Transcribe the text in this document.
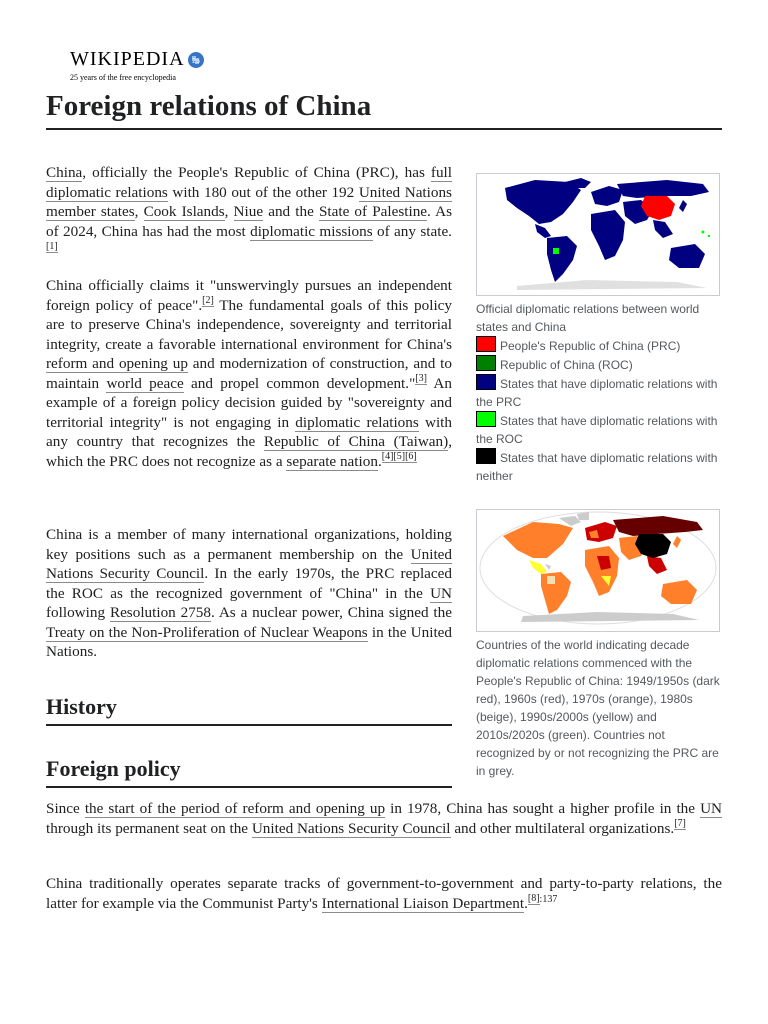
WIKIPEDIA 25
25 years of the free encyclopedia
Foreign relations of China

China, officially the People's Republic of China (PRC), has full diplomatic relations with 180 out of the other 192 United Nations member states, Cook Islands, Niue and the State of Palestine. As of 2024, China has had the most diplomatic missions of any state.[1]

China officially claims it "unswervingly pursues an independent foreign policy of peace".[2] The fundamental goals of this policy are to preserve China's independence, sovereignty and territorial integrity, create a favorable international environment for China's reform and opening up and modernization of construction, and to maintain world peace and propel common development."[3] An example of a foreign policy decision guided by "sovereignty and territorial integrity" is not engaging in diplomatic relations with any country that recognizes the Republic of China (Taiwan), which the PRC does not recognize as a separate nation.[4][5][6]

China is a member of many international organizations, holding key positions such as a permanent membership on the United Nations Security Council. In the early 1970s, the PRC replaced the ROC as the recognized government of "China" in the UN following Resolution 2758. As a nuclear power, China signed the Treaty on the Non-Proliferation of Nuclear Weapons in the United Nations.

History
Foreign policy
Since the start of the period of reform and opening up in 1978, China has sought a higher profile in the UN through its permanent seat on the United Nations Security Council and other multilateral organizations.[7]
China traditionally operates separate tracks of government-to-government and party-to-party relations, the latter for example via the Communist Party's International Liaison Department.$^{[8]:137}$
Official diplomatic relations between world states and China
People's Republic of China (PRC)
Republic of China (ROC)
States that have diplomatic relations with the PRC
States that have diplomatic relations with the ROC
States that have diplomatic relations with neither
Countries of the world indicating decade diplomatic relations commenced with the People's Republic of China: 1949/1950s (dark red), 1960s (red), 1970s (orange), 1980s (beige), 1990s/2000s (yellow) and 2010s/2020s (green). Countries not recognized by or not recognizing the PRC are in grey.
